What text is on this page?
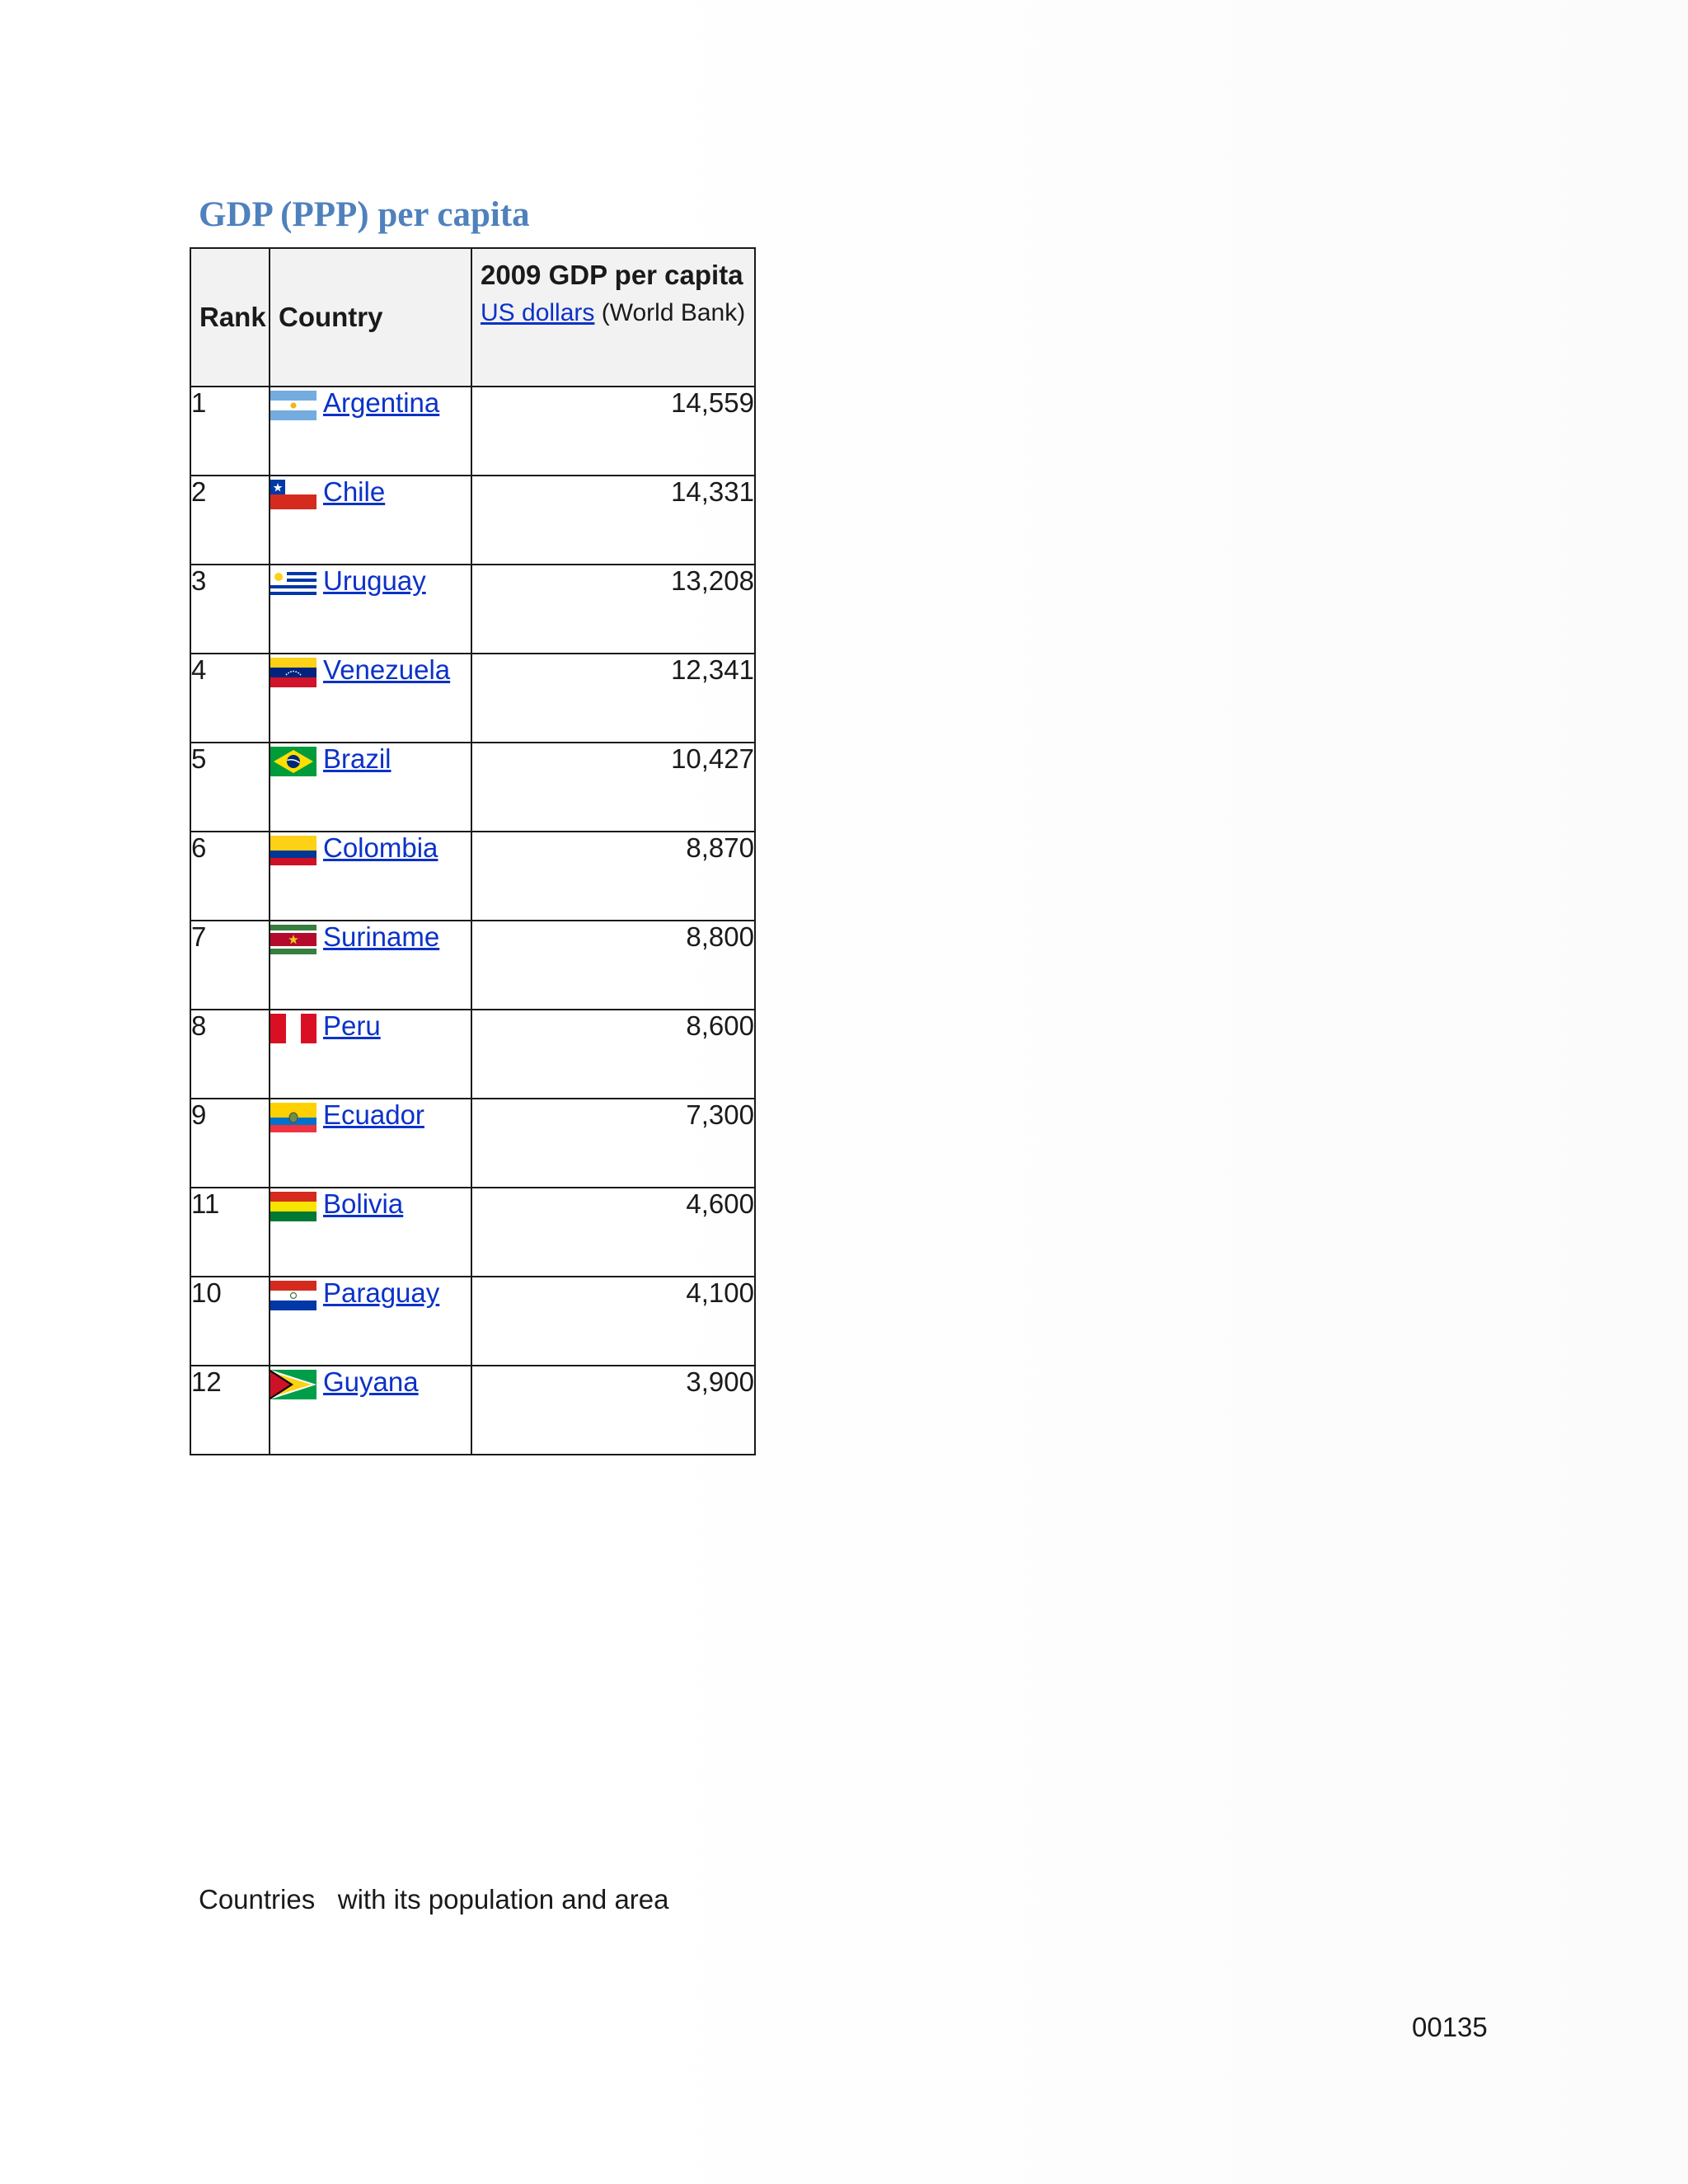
GDP (PPP) per capita
Rank	Country	2009 GDP per capita
US dollars (World Bank)

1	Argentina	14,559
2	Chile	14,331
3	Uruguay	13,208
4	Venezuela	12,341
5	Brazil	10,427
6	Colombia	8,870
7	Suriname	8,800
8	Peru	8,600
9	Ecuador	7,300
11	Bolivia	4,600
10	Paraguay	4,100
12	Guyana	3,900

Countries   with its population and area

00135
